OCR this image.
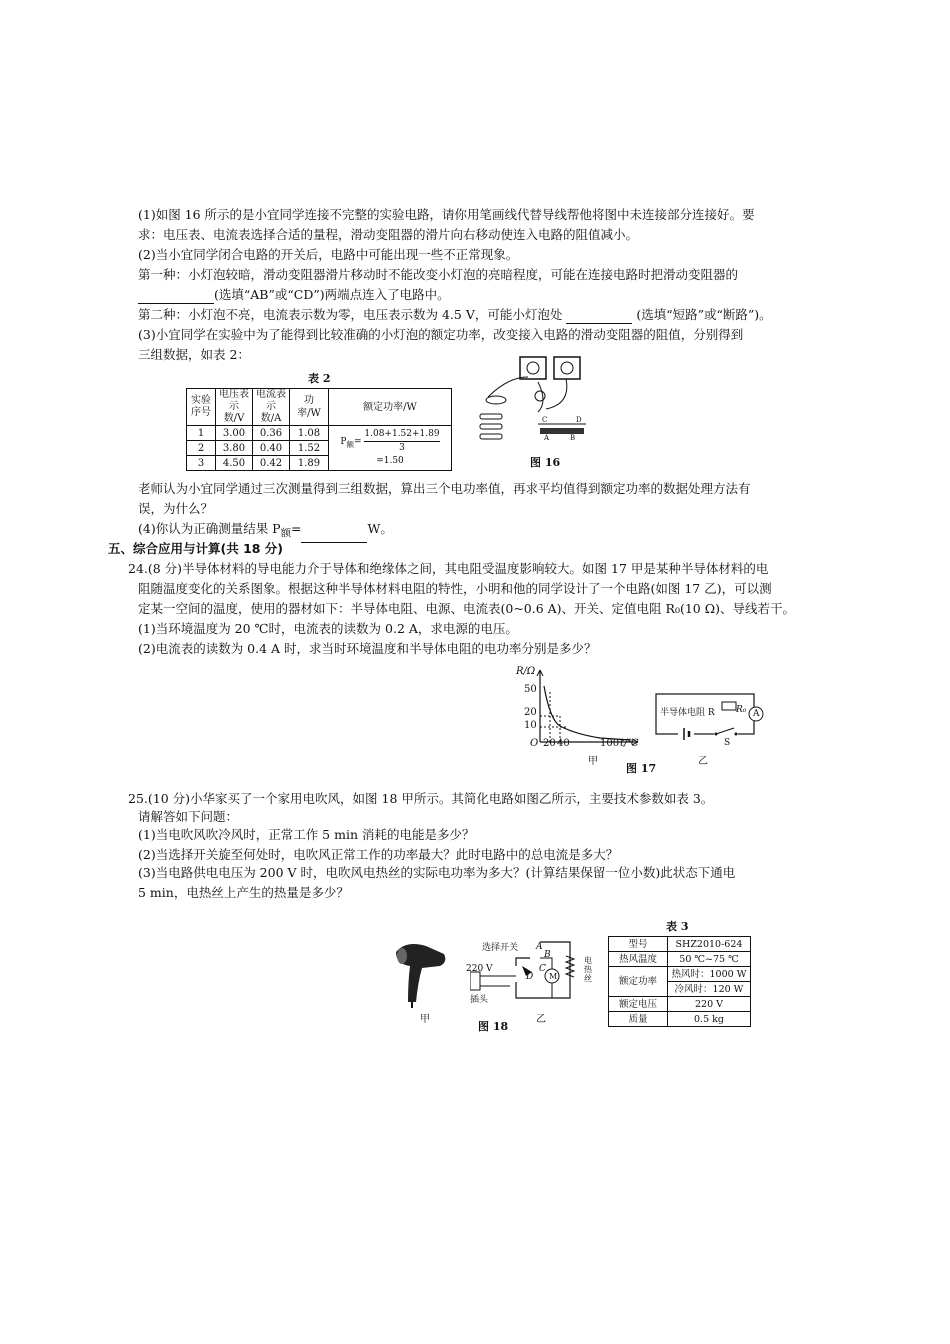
(1)如图 16 所示的是小宜同学连接不完整的实验电路，请你用笔画线代替导线帮他将图中未连接部分连接好。要
求：电压表、电流表选择合适的量程，滑动变阻器的滑片向右移动使连入电路的阻值减小。
(2)当小宜同学闭合电路的开关后，电路中可能出现一些不正常现象。
第一种：小灯泡较暗，滑动变阻器滑片移动时不能改变小灯泡的亮暗程度，可能在连接电路时把滑动变阻器的
(选填“AB”或“CD”)两端点连入了电路中。
第二种：小灯泡不亮，电流表示数为零，电压表示数为 4.5 V，可能小灯泡处	(选填“短路”或“断路”)。
(3)小宜同学在实验中为了能得到比较准确的小灯泡的额定功率，改变接入电路的滑动变阻器的阻值，分别得到
三组数据，如表 2：
表 2
实验序号	电压表示数/V	电流表示数/A	功率/W	额定功率/W
1	3.00	0.36	1.08	$P_额= \frac{1.08+1.52+1.89}{3}$
=1.50
2	3.80	0.40	1.52	
3	4.50	0.42	1.89	
C	D
A	B
图 16
老师认为小宜同学通过三次测量得到三组数据，算出三个电功率值，再求平均值得到额定功率的数据处理方法有
误，为什么？
(4)你认为正确测量结果 $P_额=$	W。
五、综合应用与计算(共 18 分)
24.(8 分)半导体材料的导电能力介于导体和绝缘体之间，其电阻受温度影响较大。如图 17 甲是某种半导体材料的电
阻随温度变化的关系图象。根据这种半导体材料电阻的特性，小明和他的同学设计了一个电路(如图 17 乙)，可以测
定某一空间的温度，使用的器材如下：半导体电阻、电源、电流表(0~0.6 A)、开关、定值电阻 R₀(10 Ω)、导线若干。
(1)当环境温度为 20 ℃时，电流表的读数为 0.2 A，求电源的电压。
(2)电流表的读数为 0.4 A 时，求当时环境温度和半导体电阻的电功率分别是多少？
R/Ω
50
20
10
O 20 40	100 t/℃
甲
半导体电阻 R R₀ A
S
乙
图 17
25.(10 分)小华家买了一个家用电吹风，如图 18 甲所示。其简化电路如图乙所示，主要技术参数如表 3。
请解答如下问题：
(1)当电吹风吹冷风时，正常工作 5 min 消耗的电能是多少？
(2)当选择开关旋至何处时，电吹风正常工作的功率最大？此时电路中的总电流是多大？
(3)当电路供电电压为 200 V 时，电吹风电热丝的实际电功率为多大？(计算结果保留一位小数)此状态下通电
5 min，电热丝上产生的热量是多少？
甲
选择开关 A
B
C
D
220 V
插头
M
电热丝
乙
图 18
表 3
型号	SHZ2010-624
热风温度	50 ℃~75 ℃
额定功率	热风时：1000 W
	冷风时：120 W
额定电压	220 V
质量	0.5 kg
